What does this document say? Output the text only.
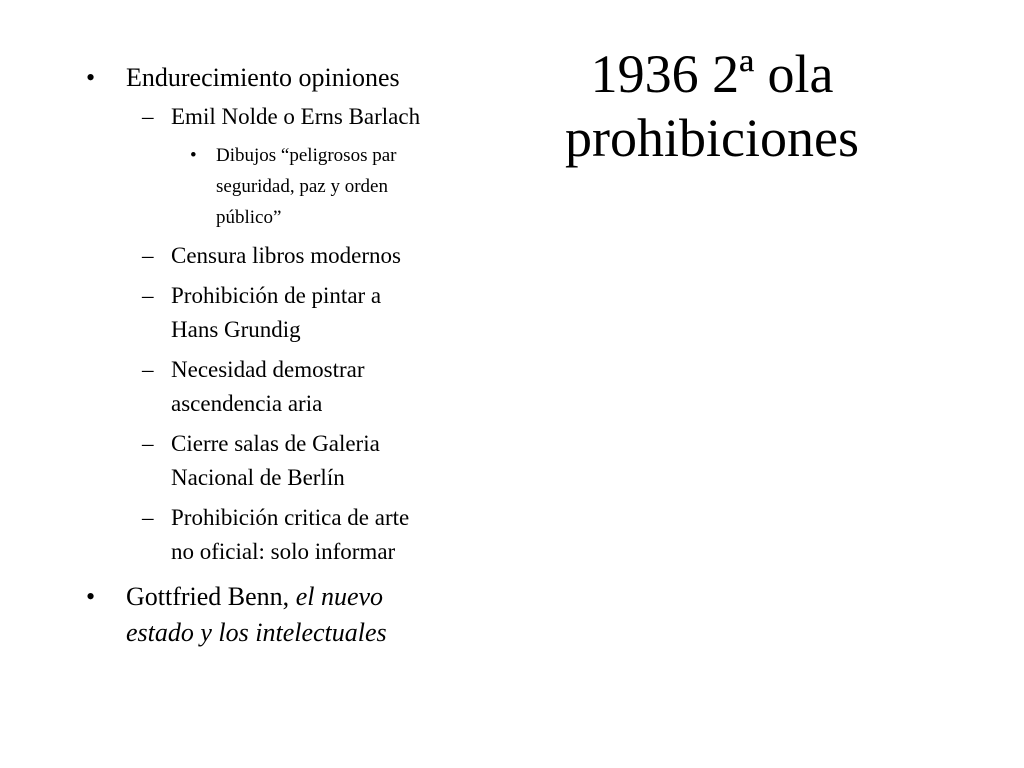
1936 2ª ola
prohibiciones
• Endurecimiento opiniones
– Emil Nolde o Erns Barlach
• Dibujos “peligrosos par
seguridad, paz y orden
público”
– Censura libros modernos
– Prohibición de pintar a
Hans Grundig
– Necesidad demostrar
ascendencia aria
– Cierre salas de Galeria
Nacional de Berlín
– Prohibición critica de arte
no oficial: solo informar
• Gottfried Benn, el nuevo
estado y los intelectuales
